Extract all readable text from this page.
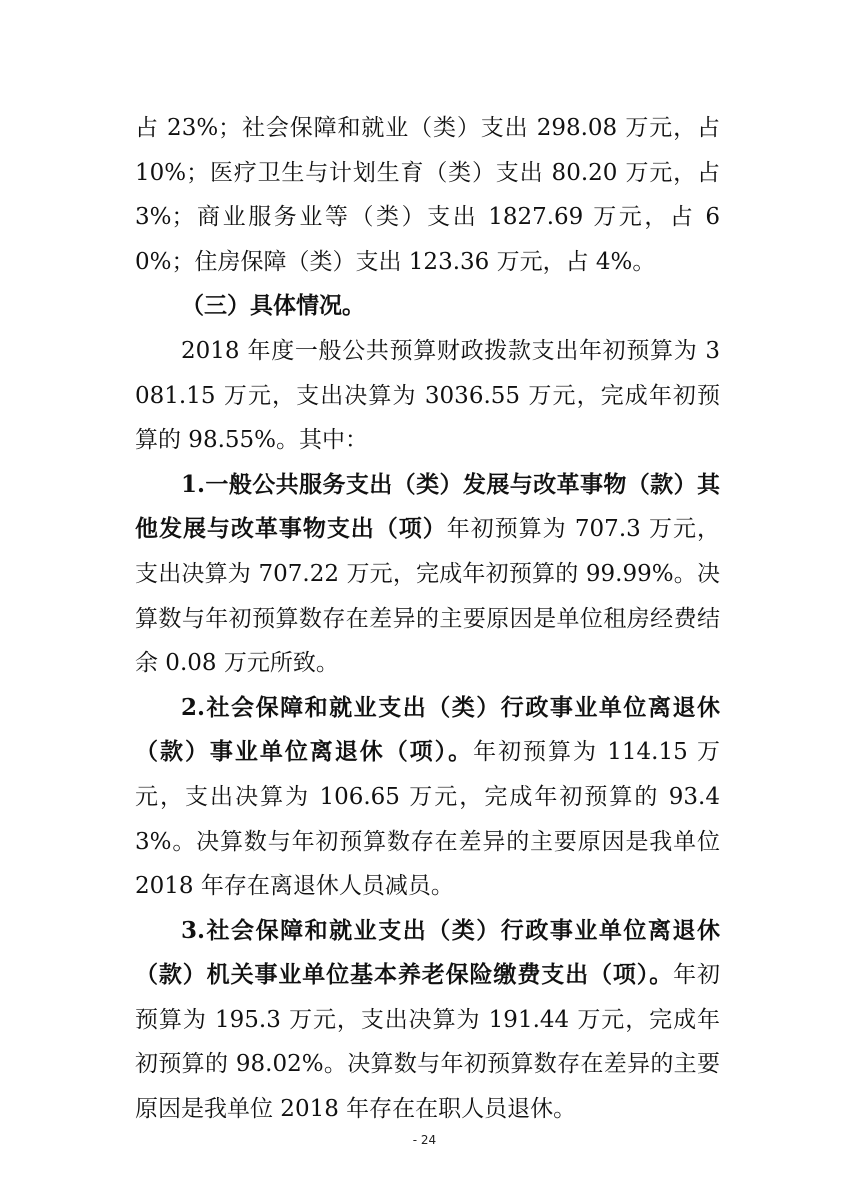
占 23%；社会保障和就业（类）支出 298.08 万元，占 10%；医疗卫生与计划生育（类）支出 80.20 万元，占 3%；商业服务业等（类）支出 1827.69 万元，占 60%；住房保障（类）支出 123.36 万元，占 4%。

（三）具体情况。

2018 年度一般公共预算财政拨款支出年初预算为 3081.15 万元，支出决算为 3036.55 万元，完成年初预算的 98.55%。其中：

1.一般公共服务支出（类）发展与改革事物（款）其他发展与改革事物支出（项）年初预算为 707.3 万元，支出决算为 707.22 万元，完成年初预算的 99.99%。决算数与年初预算数存在差异的主要原因是单位租房经费结余 0.08 万元所致。

2.社会保障和就业支出（类）行政事业单位离退休（款）事业单位离退休（项）。年初预算为 114.15 万元，支出决算为 106.65 万元，完成年初预算的 93.43%。决算数与年初预算数存在差异的主要原因是我单位 2018 年存在离退休人员减员。

3.社会保障和就业支出（类）行政事业单位离退休（款）机关事业单位基本养老保险缴费支出（项）。年初预算为 195.3 万元，支出决算为 191.44 万元，完成年初预算的 98.02%。决算数与年初预算数存在差异的主要原因是我单位 2018 年存在在职人员退休。

- 24
